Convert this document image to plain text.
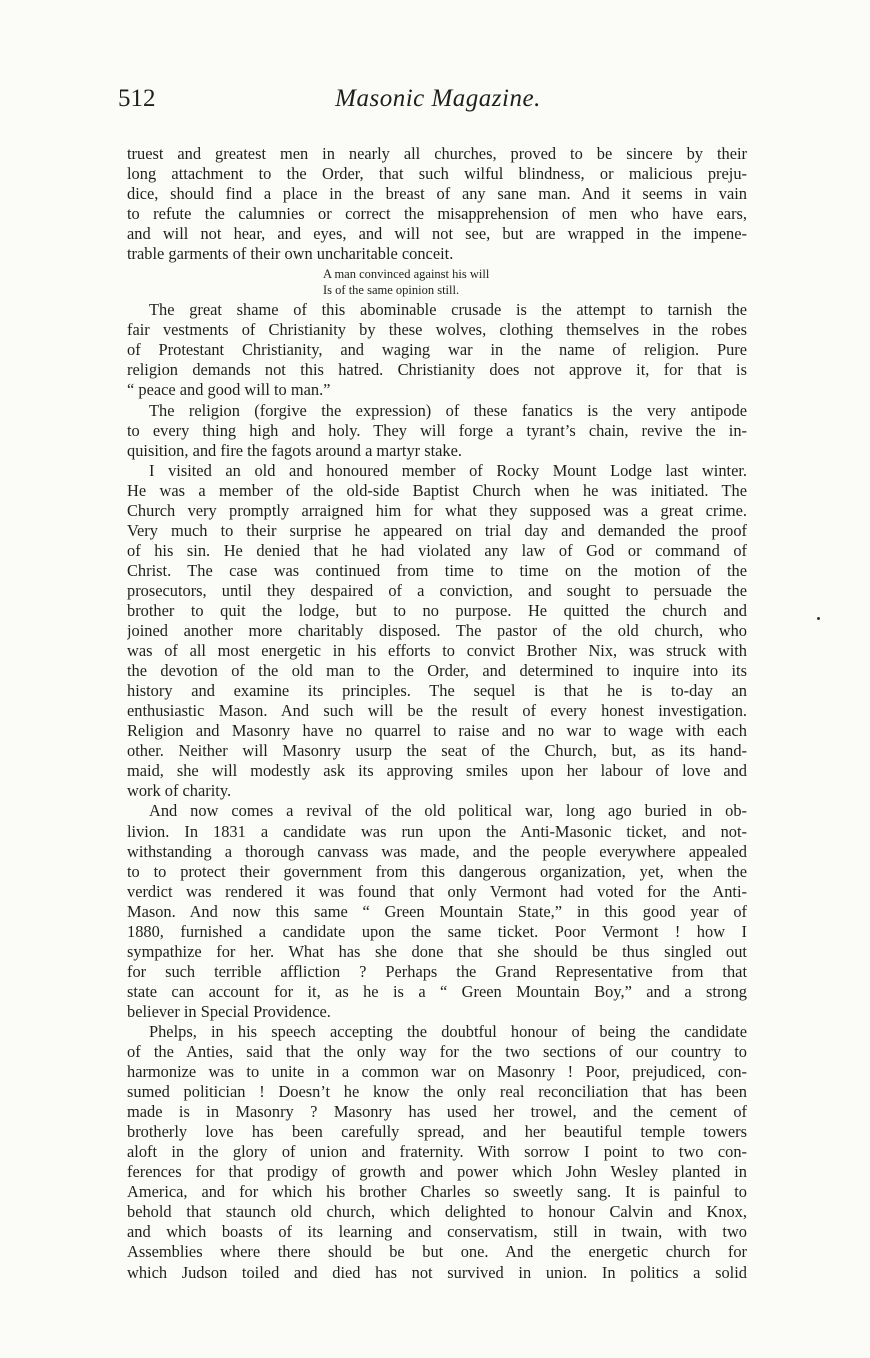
512	Masonic Magazine.
truest and greatest men in nearly all churches, proved to be sincere by their
long attachment to the Order, that such wilful blindness, or malicious preju-
dice, should find a place in the breast of any sane man. And it seems in vain
to refute the calumnies or correct the misapprehension of men who have ears,
and will not hear, and eyes, and will not see, but are wrapped in the impene-
trable garments of their own uncharitable conceit.
A man convinced against his will
Is of the same opinion still.
The great shame of this abominable crusade is the attempt to tarnish the
fair vestments of Christianity by these wolves, clothing themselves in the robes
of Protestant Christianity, and waging war in the name of religion. Pure
religion demands not this hatred. Christianity does not approve it, for that is
“ peace and good will to man.”
The religion (forgive the expression) of these fanatics is the very antipode
to every thing high and holy. They will forge a tyrant’s chain, revive the in-
quisition, and fire the fagots around a martyr stake.
I visited an old and honoured member of Rocky Mount Lodge last winter.
He was a member of the old-side Baptist Church when he was initiated. The
Church very promptly arraigned him for what they supposed was a great crime.
Very much to their surprise he appeared on trial day and demanded the proof
of his sin. He denied that he had violated any law of God or command of
Christ. The case was continued from time to time on the motion of the
prosecutors, until they despaired of a conviction, and sought to persuade the
brother to quit the lodge, but to no purpose. He quitted the church and
joined another more charitably disposed. The pastor of the old church, who
was of all most energetic in his efforts to convict Brother Nix, was struck with
the devotion of the old man to the Order, and determined to inquire into its
history and examine its principles. The sequel is that he is to-day an
enthusiastic Mason. And such will be the result of every honest investigation.
Religion and Masonry have no quarrel to raise and no war to wage with each
other. Neither will Masonry usurp the seat of the Church, but, as its hand-
maid, she will modestly ask its approving smiles upon her labour of love and
work of charity.
And now comes a revival of the old political war, long ago buried in ob-
livion. In 1831 a candidate was run upon the Anti-Masonic ticket, and not-
withstanding a thorough canvass was made, and the people everywhere appealed
to to protect their government from this dangerous organization, yet, when the
verdict was rendered it was found that only Vermont had voted for the Anti-
Mason. And now this same “ Green Mountain State,” in this good year of
1880, furnished a candidate upon the same ticket. Poor Vermont ! how I
sympathize for her. What has she done that she should be thus singled out
for such terrible affliction ? Perhaps the Grand Representative from that
state can account for it, as he is a “ Green Mountain Boy,” and a strong
believer in Special Providence.
Phelps, in his speech accepting the doubtful honour of being the candidate
of the Anties, said that the only way for the two sections of our country to
harmonize was to unite in a common war on Masonry ! Poor, prejudiced, con-
sumed politician ! Doesn’t he know the only real reconciliation that has been
made is in Masonry ? Masonry has used her trowel, and the cement of
brotherly love has been carefully spread, and her beautiful temple towers
aloft in the glory of union and fraternity. With sorrow I point to two con-
ferences for that prodigy of growth and power which John Wesley planted in
America, and for which his brother Charles so sweetly sang. It is painful to
behold that staunch old church, which delighted to honour Calvin and Knox,
and which boasts of its learning and conservatism, still in twain, with two
Assemblies where there should be but one. And the energetic church for
which Judson toiled and died has not survived in union. In politics a solid
